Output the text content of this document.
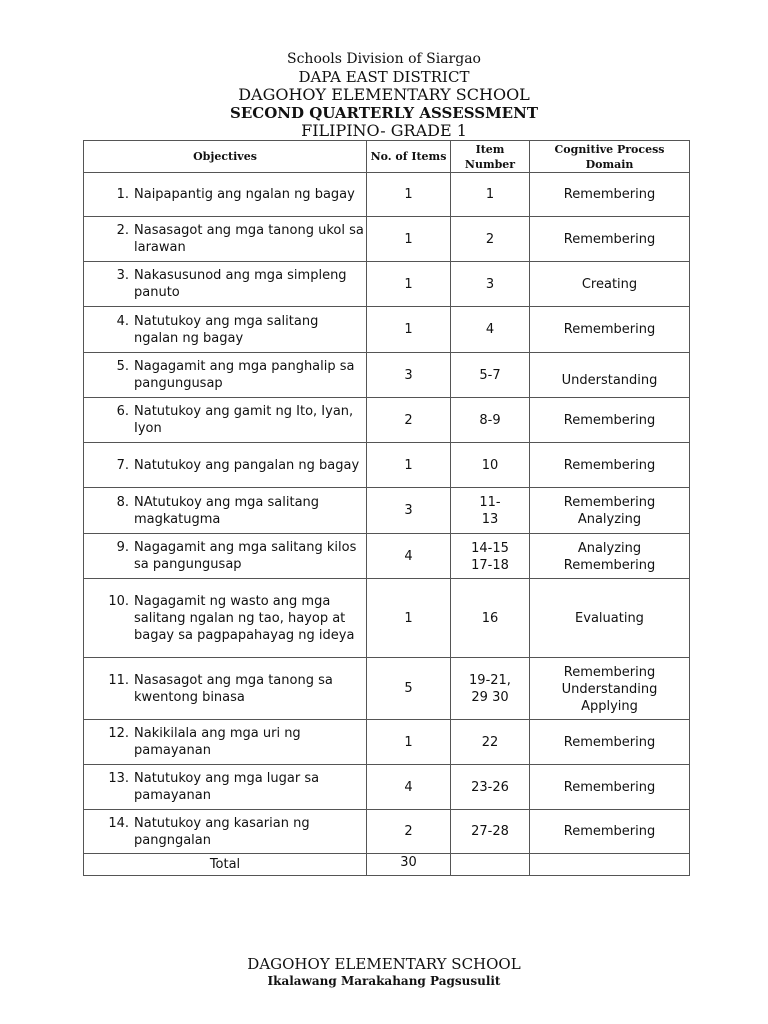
Schools Division of Siargao
DAPA EAST DISTRICT
DAGOHOY ELEMENTARY SCHOOL
SECOND QUARTERLY ASSESSMENT
FILIPINO- GRADE 1
Objectives	No. of Items	Item Number	Cognitive Process Domain

1. Naipapantig ang ngalan ng bagay	1	1	Remembering

2. Nasasagot ang mga tanong ukol sa larawan	1	2	Remembering

3. Nakasusunod ang mga simpleng panuto	1	3	Creating

4. Natutukoy ang mga salitang ngalan ng bagay	1	4	Remembering

5. Nagagamit ang mga panghalip sa pangungusap	3	5-7	Understanding

6. Natutukoy ang gamit ng Ito, Iyan, Iyon	2	8-9	Remembering

7. Natutukoy ang pangalan ng bagay	1	10	Remembering

8. NAtutukoy ang mga salitang magkatugma	3	11- 13	Remembering Analyzing

9. Nagagamit ang mga salitang kilos sa pangungusap	4	14-15 17-18	Analyzing Remembering

10. Nagagamit ng wasto ang mga salitang ngalan ng tao, hayop at bagay sa pagpapahayag ng ideya	1	16	Evaluating

11. Nasasagot ang mga tanong sa kwentong binasa	5	19-21, 29 30	Remembering Understanding Applying

12. Nakikilala ang mga uri ng pamayanan	1	22	Remembering

13. Natutukoy ang mga lugar sa pamayanan	4	23-26	Remembering

14. Natutukoy ang kasarian ng pangngalan	2	27-28	Remembering
Total	30		
DAGOHOY ELEMENTARY SCHOOL
Ikalawang Marakahang Pagsusulit
